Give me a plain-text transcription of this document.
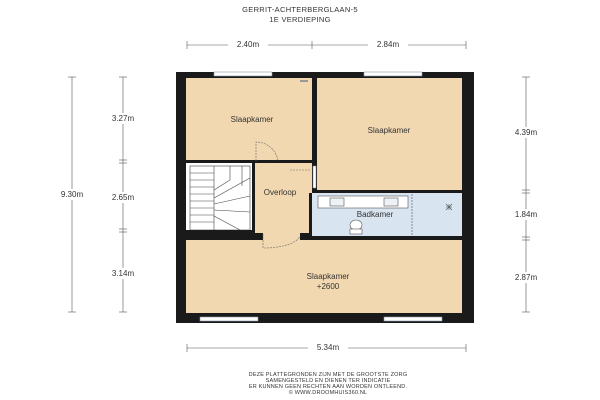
GERRIT-ACHTERBERGLAAN-5
1E VERDIEPING
2.40m	2.84m
9.30m
3.27m
2.65m
3.14m
4.39m
1.84m
2.87m
5.34m
Slaapkamer
Slaapkamer
Overloop
Badkamer
Slaapkamer
+2600
DEZE PLATTEGRONDEN ZIJN MET DE GROOTSTE ZORG
SAMENGESTELD EN DIENEN TER INDICATIE
ER KUNNEN GEEN RECHTEN AAN WORDEN ONTLEEND.
© WWW.DROOMHUIS360.NL
